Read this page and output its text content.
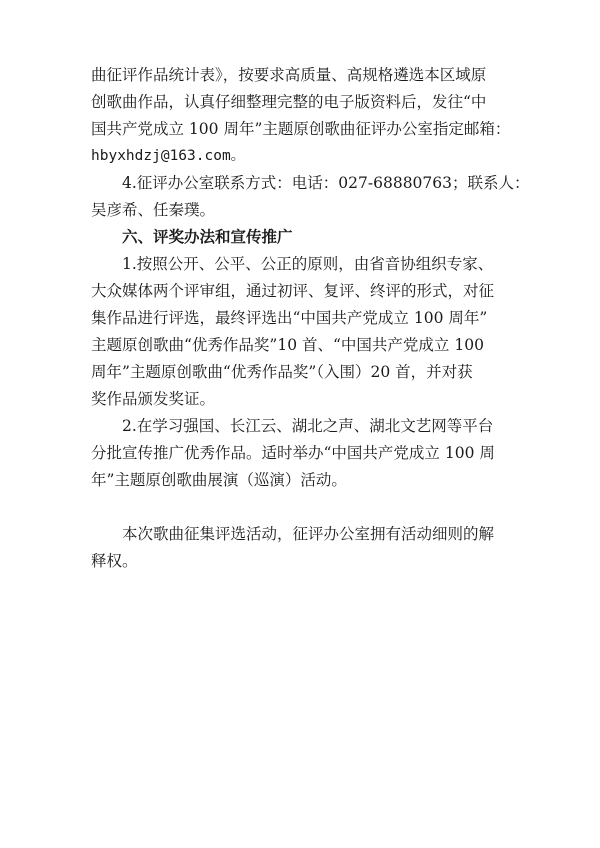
曲征评作品统计表》，按要求高质量、高规格遴选本区域原
创歌曲作品，认真仔细整理完整的电子版资料后，发往“中
国共产党成立 100 周年”主题原创歌曲征评办公室指定邮箱：
hbyxhdzj@163.com。

4.征评办公室联系方式：电话：027-68880763；联系人：
吴彦希、任秦璞。

六、评奖办法和宣传推广

1.按照公开、公平、公正的原则，由省音协组织专家、
大众媒体两个评审组，通过初评、复评、终评的形式，对征
集作品进行评选，最终评选出“中国共产党成立 100 周年”
主题原创歌曲“优秀作品奖”10 首、“中国共产党成立 100
周年”主题原创歌曲“优秀作品奖”（入围）20 首，并对获
奖作品颁发奖证。

2.在学习强国、长江云、湖北之声、湖北文艺网等平台
分批宣传推广优秀作品。适时举办“中国共产党成立 100 周
年”主题原创歌曲展演（巡演）活动。

本次歌曲征集评选活动，征评办公室拥有活动细则的解
释权。
